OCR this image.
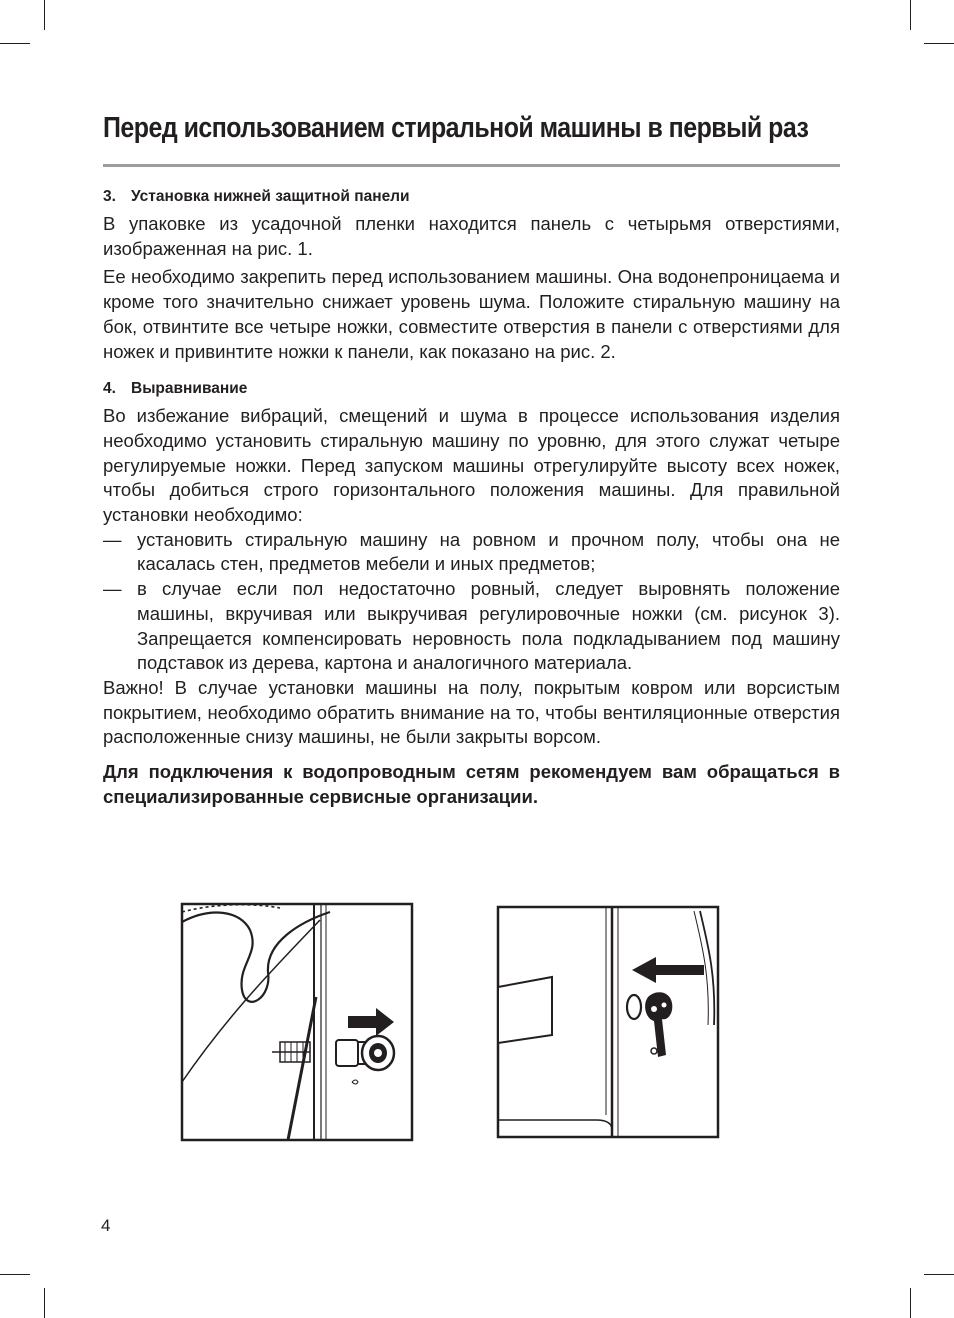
Перед использованием стиральной машины в первый раз
3. Установка нижней защитной панели

В упаковке из усадочной пленки находится панель с четырьмя отверстиями, изображенная на рис. 1.

Ее необходимо закрепить перед использованием машины. Она водонепроницаема и кроме того значительно снижает уровень шума. Положите стиральную машину на бок, отвинтите все четыре ножки, совместите отверстия в панели с отверстиями для ножек и привинтите ножки к панели, как показано на рис. 2.

4. Выравнивание

Во избежание вибраций, смещений и шума в процессе использования изделия необходимо установить стиральную машину по уровню, для этого служат четыре регулируемые ножки. Перед запуском машины отрегулируйте высоту всех ножек, чтобы добиться строго горизонтального положения машины. Для правильной установки необходимо:

— установить стиральную машину на ровном и прочном полу, чтобы она не касалась стен, предметов мебели и иных предметов;
— в случае если пол недостаточно ровный, следует выровнять положение машины, вкручивая или выкручивая регулировочные ножки (см. рисунок 3). Запрещается компенсировать неровность пола подкладыванием под машину подставок из дерева, картона и аналогичного материала.

Важно! В случае установки машины на полу, покрытым ковром или ворсистым покрытием, необходимо обратить внимание на то, чтобы вентиляционные отверстия расположенные снизу машины, не были закрыты ворсом.

Для подключения к водопроводным сетям рекомендуем вам обращаться в специализированные сервисные организации.

4
